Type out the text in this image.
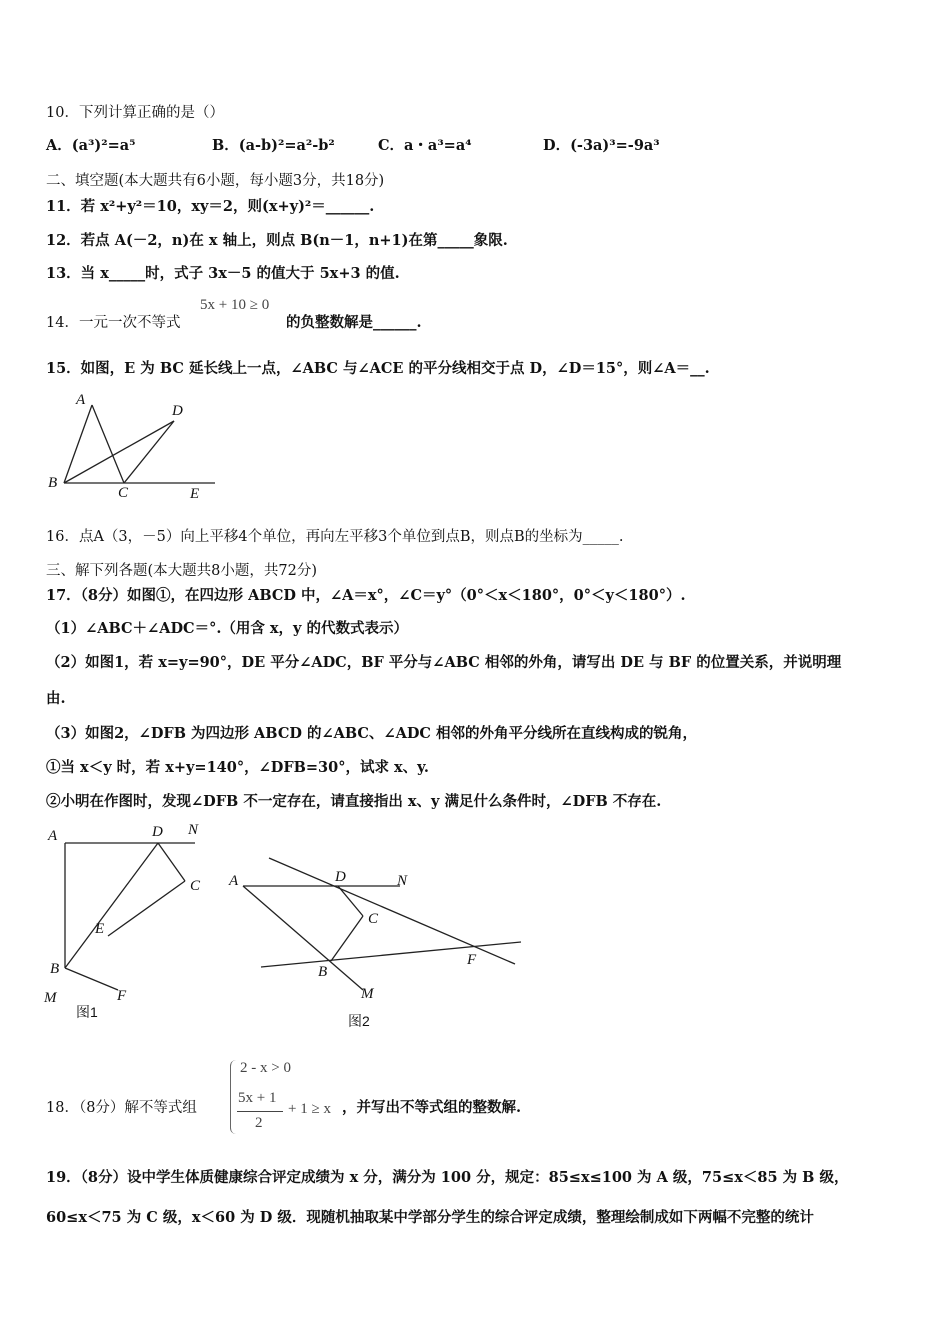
10．下列计算正确的是（）
A．(a³)²=a⁵	B．(a-b)²=a²-b²	C．a・a³=a⁴	D．(-3a)³=-9a³
二、填空题(本大题共有6小题，每小题3分，共18分)
11．若 x²+y²＝10，xy＝2，则(x+y)²＝______.
12．若点 A(－2，n)在 x 轴上，则点 B(n－1，n+1)在第_____象限.
13．当 x_____时，式子 3x－5 的值大于 5x+3 的值.
14．一元一次不等式
5x + 10 ≥ 0
的负整数解是______.
15．如图，E 为 BC 延长线上一点，∠ABC 与∠ACE 的平分线相交于点 D，∠D＝15°，则∠A＝__.
A
B
C
D
E
16．点A（3，－5）向上平移4个单位，再向左平移3个单位到点B，则点B的坐标为_____.
三、解下列各题(本大题共8小题，共72分)
17．（8分）如图①，在四边形 ABCD 中，∠A＝x°，∠C＝y°（0°＜x＜180°，0°＜y＜180°）.
（1）∠ABC＋∠ADC＝°.（用含 x，y 的代数式表示）
（2）如图1，若 x=y=90°，DE 平分∠ADC，BF 平分与∠ABC 相邻的外角，请写出 DE 与 BF 的位置关系，并说明理
由.
（3）如图2，∠DFB 为四边形 ABCD 的∠ABC、∠ADC 相邻的外角平分线所在直线构成的锐角，
①当 x＜y 时，若 x+y=140°，∠DFB=30°，试求 x、y.
②小明在作图时，发现∠DFB 不一定存在，请直接指出 x、y 满足什么条件时，∠DFB 不存在.
A	D N
C
E
B
M	F
图1
A	D	N
C
F
B
M
图2
18．（8分）解不等式组
2 - x > 0
5x + 1
2
+ 1 ≥ x ，并写出不等式组的整数解.
19．（8分）设中学生体质健康综合评定成绩为 x 分，满分为 100 分，规定：85≤x≤100 为 A 级，75≤x＜85 为 B 级，
60≤x＜75 为 C 级，x＜60 为 D 级．现随机抽取某中学部分学生的综合评定成绩，整理绘制成如下两幅不完整的统计
